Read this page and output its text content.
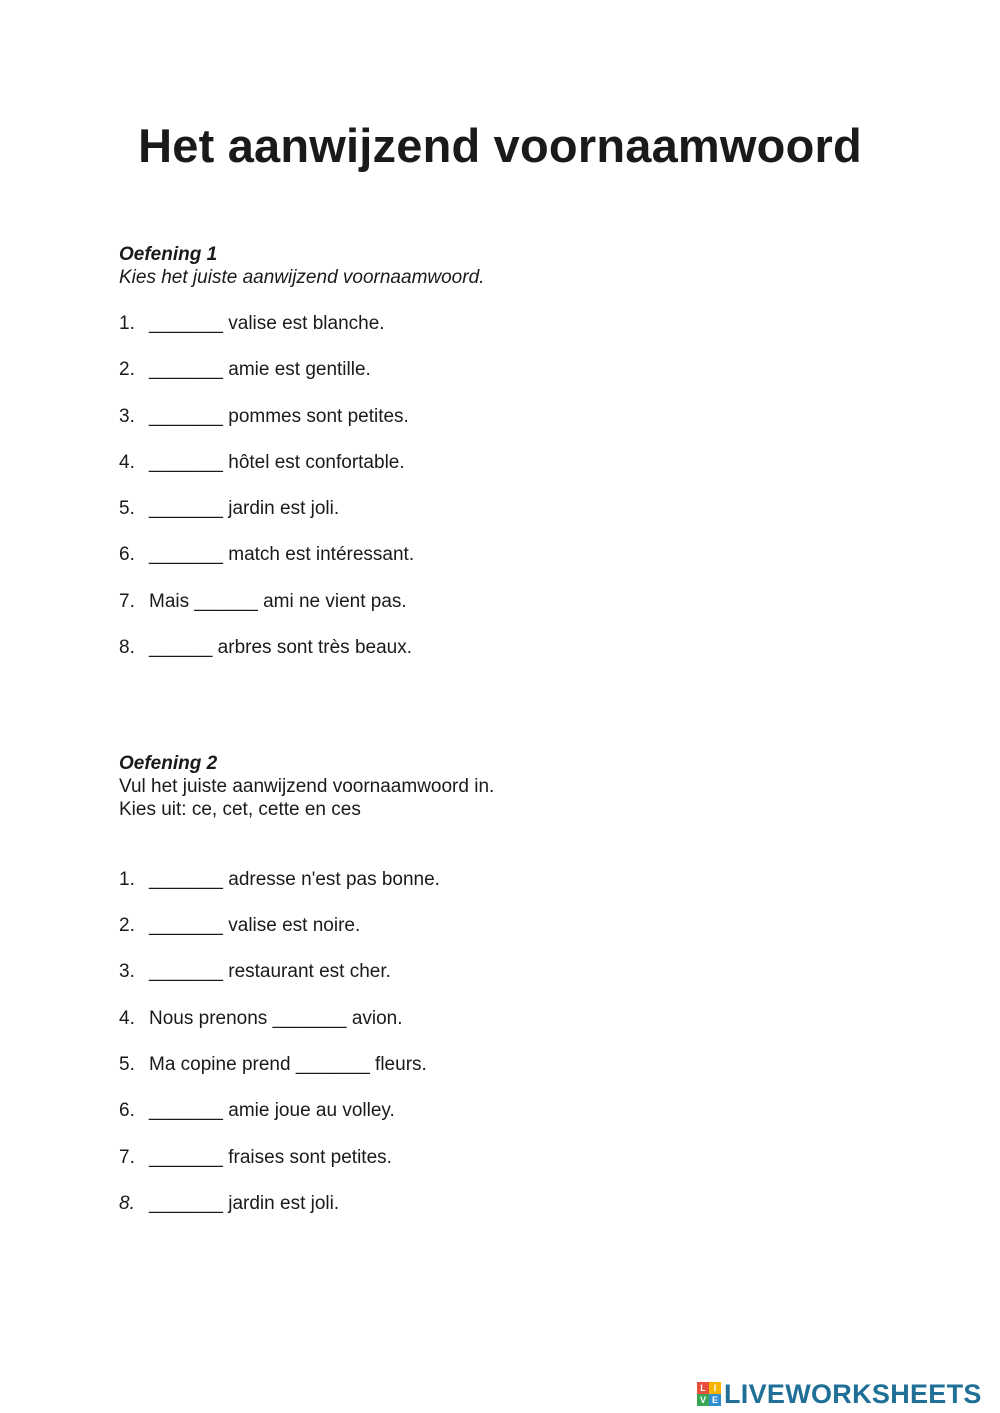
Het aanwijzend voornaamwoord
Oefening 1
Kies het juiste aanwijzend voornaamwoord.
1. _______ valise est blanche.
2. _______ amie est gentille.
3. _______ pommes sont petites.
4. _______ hôtel est confortable.
5. _______ jardin est joli.
6. _______ match est intéressant.
7. Mais ______ ami ne vient pas.
8. ______ arbres sont très beaux.
Oefening 2
Vul het juiste aanwijzend voornaamwoord in.
Kies uit: ce, cet, cette en ces
1. _______ adresse n'est pas bonne.
2. _______ valise est noire.
3. _______ restaurant est cher.
4. Nous prenons _______ avion.
5. Ma copine prend _______ fleurs.
6. _______ amie joue au volley.
7. _______ fraises sont petites.
8. _______ jardin est joli.
L I
V E LIVEWORKSHEETS
